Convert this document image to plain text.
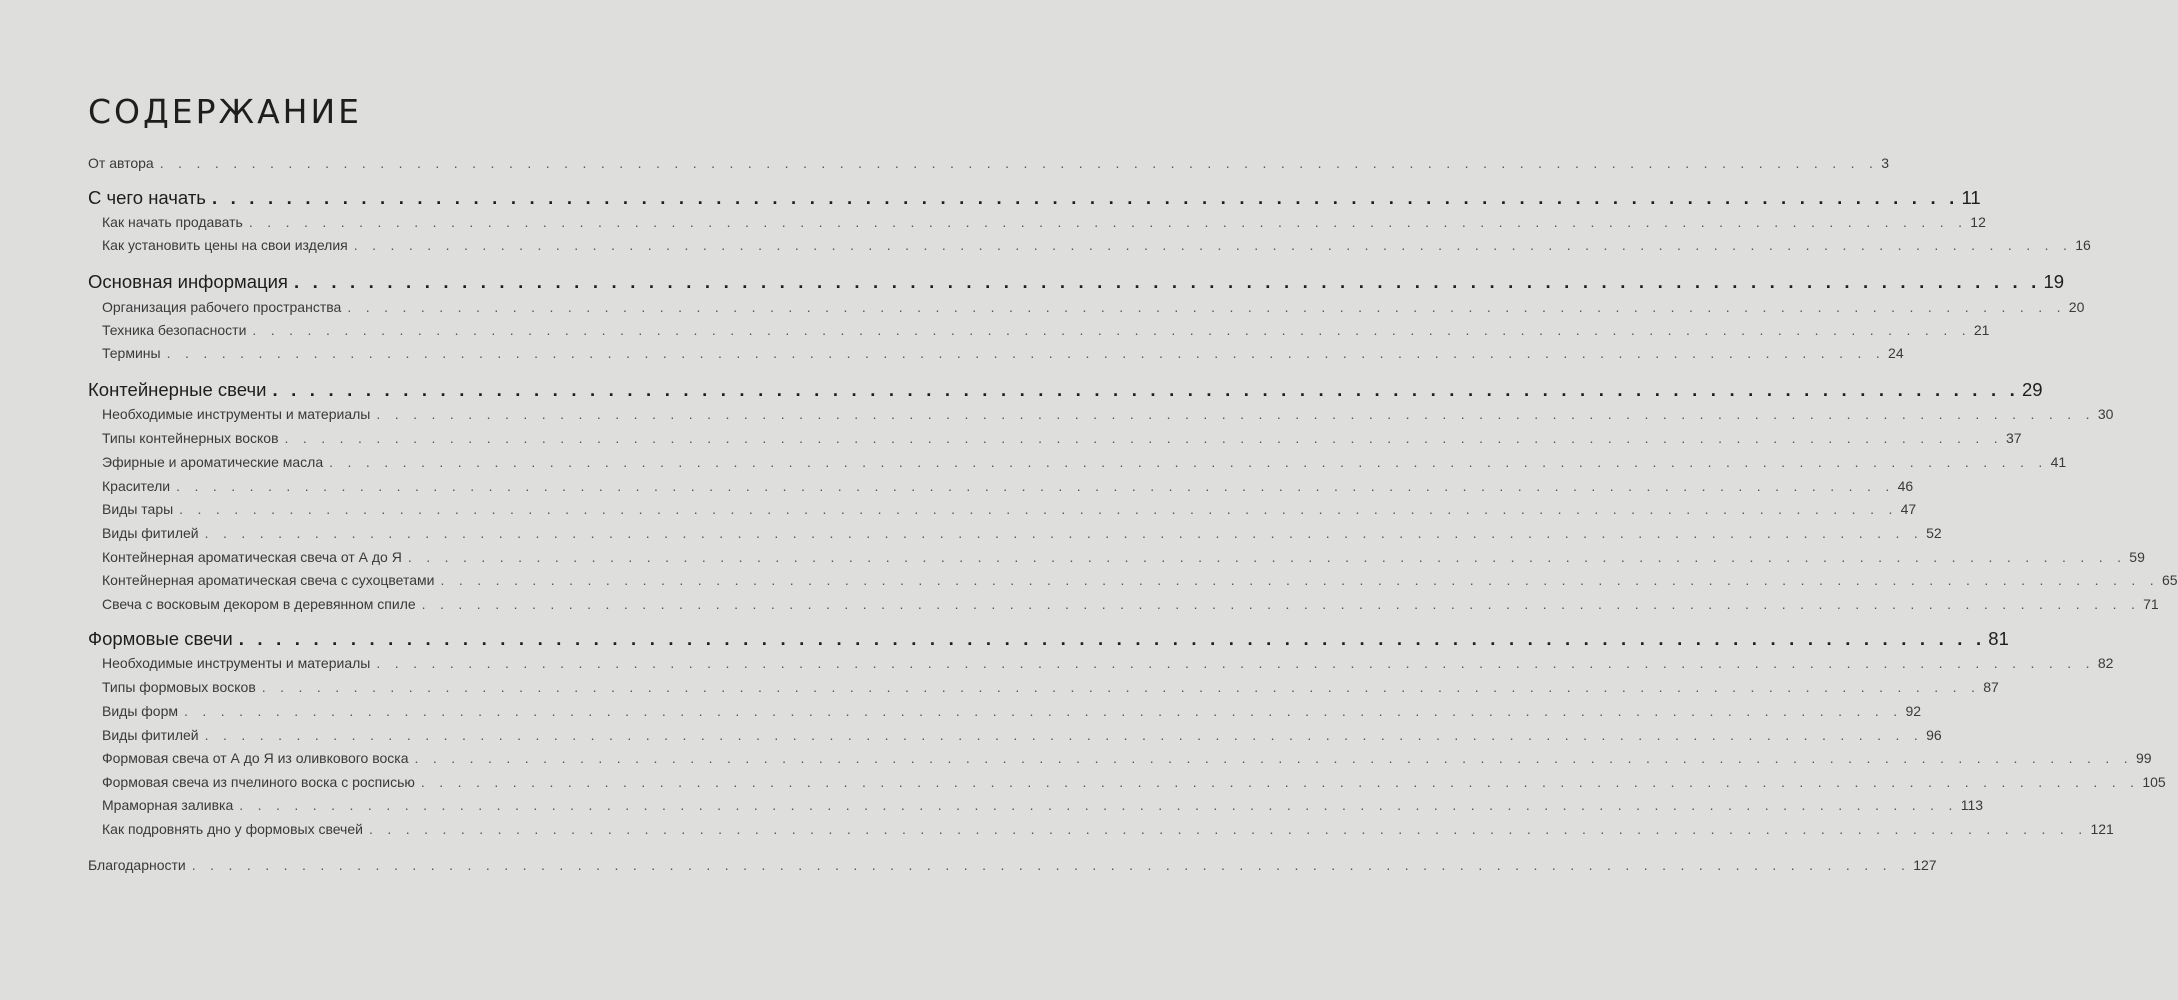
СОДЕРЖАНИЕ
От автора . . . . . . . . . . . . . . . . . . . . . . . . . . . . . . . . . . . . . . . . . . . . . . . . . . . . . . . . . . . . . . . . . . . . . . . . . . . . . . . . . . . . . . . . . . . . . . 3
С чего начать . . . . . . . . . . . . . . . . . . . . . . . . . . . . . . . . . . . . . . . . . . . . . . . . . . . . . . . . . . . . . . . . . . . . . . . . . . . . . . . . . . . . . . . . . . . . . . 11
Как начать продавать . . . . . . . . . . . . . . . . . . . . . . . . . . . . . . . . . . . . . . . . . . . . . . . . . . . . . . . . . . . . . . . . . . . . . . . . . . . . . . . . . . . . . . . . . . . . . . 12
Как установить цены на свои изделия . . . . . . . . . . . . . . . . . . . . . . . . . . . . . . . . . . . . . . . . . . . . . . . . . . . . . . . . . . . . . . . . . . . . . . . . . . . . . . . . . . . . . . . . . . . . . . 16
Основная информация . . . . . . . . . . . . . . . . . . . . . . . . . . . . . . . . . . . . . . . . . . . . . . . . . . . . . . . . . . . . . . . . . . . . . . . . . . . . . . . . . . . . . . . . . . . . . . 19
Организация рабочего пространства . . . . . . . . . . . . . . . . . . . . . . . . . . . . . . . . . . . . . . . . . . . . . . . . . . . . . . . . . . . . . . . . . . . . . . . . . . . . . . . . . . . . . . . . . . . . . . 20
Техника безопасности . . . . . . . . . . . . . . . . . . . . . . . . . . . . . . . . . . . . . . . . . . . . . . . . . . . . . . . . . . . . . . . . . . . . . . . . . . . . . . . . . . . . . . . . . . . . . . 21
Термины . . . . . . . . . . . . . . . . . . . . . . . . . . . . . . . . . . . . . . . . . . . . . . . . . . . . . . . . . . . . . . . . . . . . . . . . . . . . . . . . . . . . . . . . . . . . . . 24
Контейнерные свечи . . . . . . . . . . . . . . . . . . . . . . . . . . . . . . . . . . . . . . . . . . . . . . . . . . . . . . . . . . . . . . . . . . . . . . . . . . . . . . . . . . . . . . . . . . . . . . 29
Необходимые инструменты и материалы . . . . . . . . . . . . . . . . . . . . . . . . . . . . . . . . . . . . . . . . . . . . . . . . . . . . . . . . . . . . . . . . . . . . . . . . . . . . . . . . . . . . . . . . . . . . . . 30
Типы контейнерных восков . . . . . . . . . . . . . . . . . . . . . . . . . . . . . . . . . . . . . . . . . . . . . . . . . . . . . . . . . . . . . . . . . . . . . . . . . . . . . . . . . . . . . . . . . . . . . . 37
Эфирные и ароматические масла . . . . . . . . . . . . . . . . . . . . . . . . . . . . . . . . . . . . . . . . . . . . . . . . . . . . . . . . . . . . . . . . . . . . . . . . . . . . . . . . . . . . . . . . . . . . . . 41
Красители . . . . . . . . . . . . . . . . . . . . . . . . . . . . . . . . . . . . . . . . . . . . . . . . . . . . . . . . . . . . . . . . . . . . . . . . . . . . . . . . . . . . . . . . . . . . . . 46
Виды тары . . . . . . . . . . . . . . . . . . . . . . . . . . . . . . . . . . . . . . . . . . . . . . . . . . . . . . . . . . . . . . . . . . . . . . . . . . . . . . . . . . . . . . . . . . . . . . 47
Виды фитилей . . . . . . . . . . . . . . . . . . . . . . . . . . . . . . . . . . . . . . . . . . . . . . . . . . . . . . . . . . . . . . . . . . . . . . . . . . . . . . . . . . . . . . . . . . . . . . 52
Контейнерная ароматическая свеча от А до Я . . . . . . . . . . . . . . . . . . . . . . . . . . . . . . . . . . . . . . . . . . . . . . . . . . . . . . . . . . . . . . . . . . . . . . . . . . . . . . . . . . . . . . . . . . . . . . 59
Контейнерная ароматическая свеча с сухоцветами . . . . . . . . . . . . . . . . . . . . . . . . . . . . . . . . . . . . . . . . . . . . . . . . . . . . . . . . . . . . . . . . . . . . . . . . . . . . . . . . . . . . . . . . . . . . . . 65
Свеча с восковым декором в деревянном спиле . . . . . . . . . . . . . . . . . . . . . . . . . . . . . . . . . . . . . . . . . . . . . . . . . . . . . . . . . . . . . . . . . . . . . . . . . . . . . . . . . . . . . . . . . . . . . . 71
Формовые свечи . . . . . . . . . . . . . . . . . . . . . . . . . . . . . . . . . . . . . . . . . . . . . . . . . . . . . . . . . . . . . . . . . . . . . . . . . . . . . . . . . . . . . . . . . . . . . . 81
Необходимые инструменты и материалы . . . . . . . . . . . . . . . . . . . . . . . . . . . . . . . . . . . . . . . . . . . . . . . . . . . . . . . . . . . . . . . . . . . . . . . . . . . . . . . . . . . . . . . . . . . . . . 82
Типы формовых восков . . . . . . . . . . . . . . . . . . . . . . . . . . . . . . . . . . . . . . . . . . . . . . . . . . . . . . . . . . . . . . . . . . . . . . . . . . . . . . . . . . . . . . . . . . . . . . 87
Виды форм . . . . . . . . . . . . . . . . . . . . . . . . . . . . . . . . . . . . . . . . . . . . . . . . . . . . . . . . . . . . . . . . . . . . . . . . . . . . . . . . . . . . . . . . . . . . . . 92
Виды фитилей . . . . . . . . . . . . . . . . . . . . . . . . . . . . . . . . . . . . . . . . . . . . . . . . . . . . . . . . . . . . . . . . . . . . . . . . . . . . . . . . . . . . . . . . . . . . . . 96
Формовая свеча от А до Я из оливкового воска . . . . . . . . . . . . . . . . . . . . . . . . . . . . . . . . . . . . . . . . . . . . . . . . . . . . . . . . . . . . . . . . . . . . . . . . . . . . . . . . . . . . . . . . . . . . . . 99
Формовая свеча из пчелиного воска с росписью . . . . . . . . . . . . . . . . . . . . . . . . . . . . . . . . . . . . . . . . . . . . . . . . . . . . . . . . . . . . . . . . . . . . . . . . . . . . . . . . . . . . . . . . . . . . . . 105
Мраморная заливка . . . . . . . . . . . . . . . . . . . . . . . . . . . . . . . . . . . . . . . . . . . . . . . . . . . . . . . . . . . . . . . . . . . . . . . . . . . . . . . . . . . . . . . . . . . . . . 113
Как подровнять дно у формовых свечей . . . . . . . . . . . . . . . . . . . . . . . . . . . . . . . . . . . . . . . . . . . . . . . . . . . . . . . . . . . . . . . . . . . . . . . . . . . . . . . . . . . . . . . . . . . . . . 121
Благодарности . . . . . . . . . . . . . . . . . . . . . . . . . . . . . . . . . . . . . . . . . . . . . . . . . . . . . . . . . . . . . . . . . . . . . . . . . . . . . . . . . . . . . . . . . . . . . . 127
